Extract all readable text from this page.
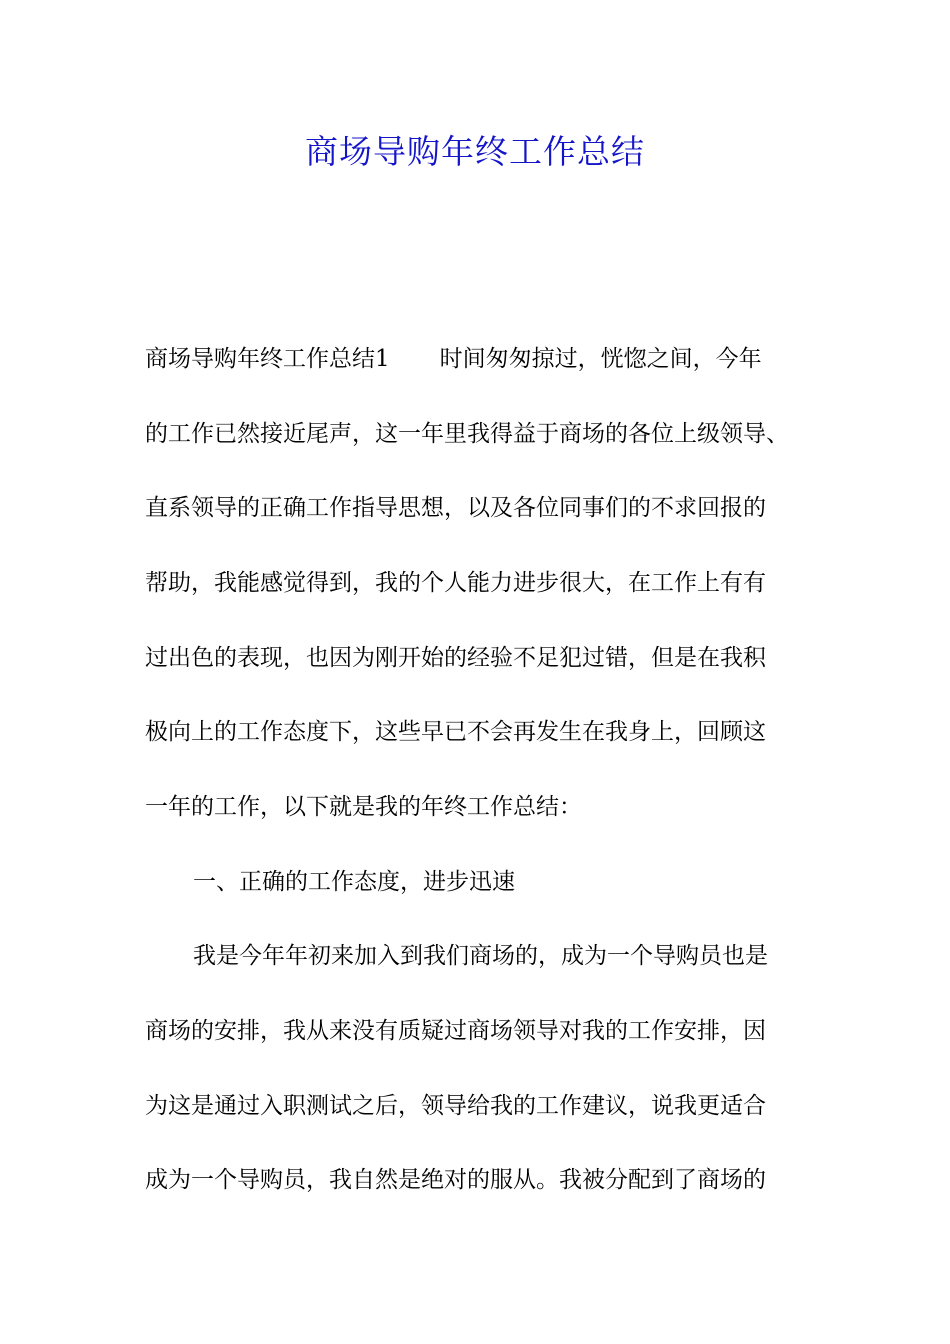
商场导购年终工作总结

商场导购年终工作总结1 时间匆匆掠过，恍惚之间，今年

的工作已然接近尾声，这一年里我得益于商场的各位上级领导、

直系领导的正确工作指导思想，以及各位同事们的不求回报的

帮助，我能感觉得到，我的个人能力进步很大，在工作上有有

过出色的表现，也因为刚开始的经验不足犯过错，但是在我积

极向上的工作态度下，这些早已不会再发生在我身上，回顾这

一年的工作，以下就是我的年终工作总结：

一、正确的工作态度，进步迅速

我是今年年初来加入到我们商场的，成为一个导购员也是

商场的安排，我从来没有质疑过商场领导对我的工作安排，因

为这是通过入职测试之后，领导给我的工作建议，说我更适合

成为一个导购员，我自然是绝对的服从。我被分配到了商场的
